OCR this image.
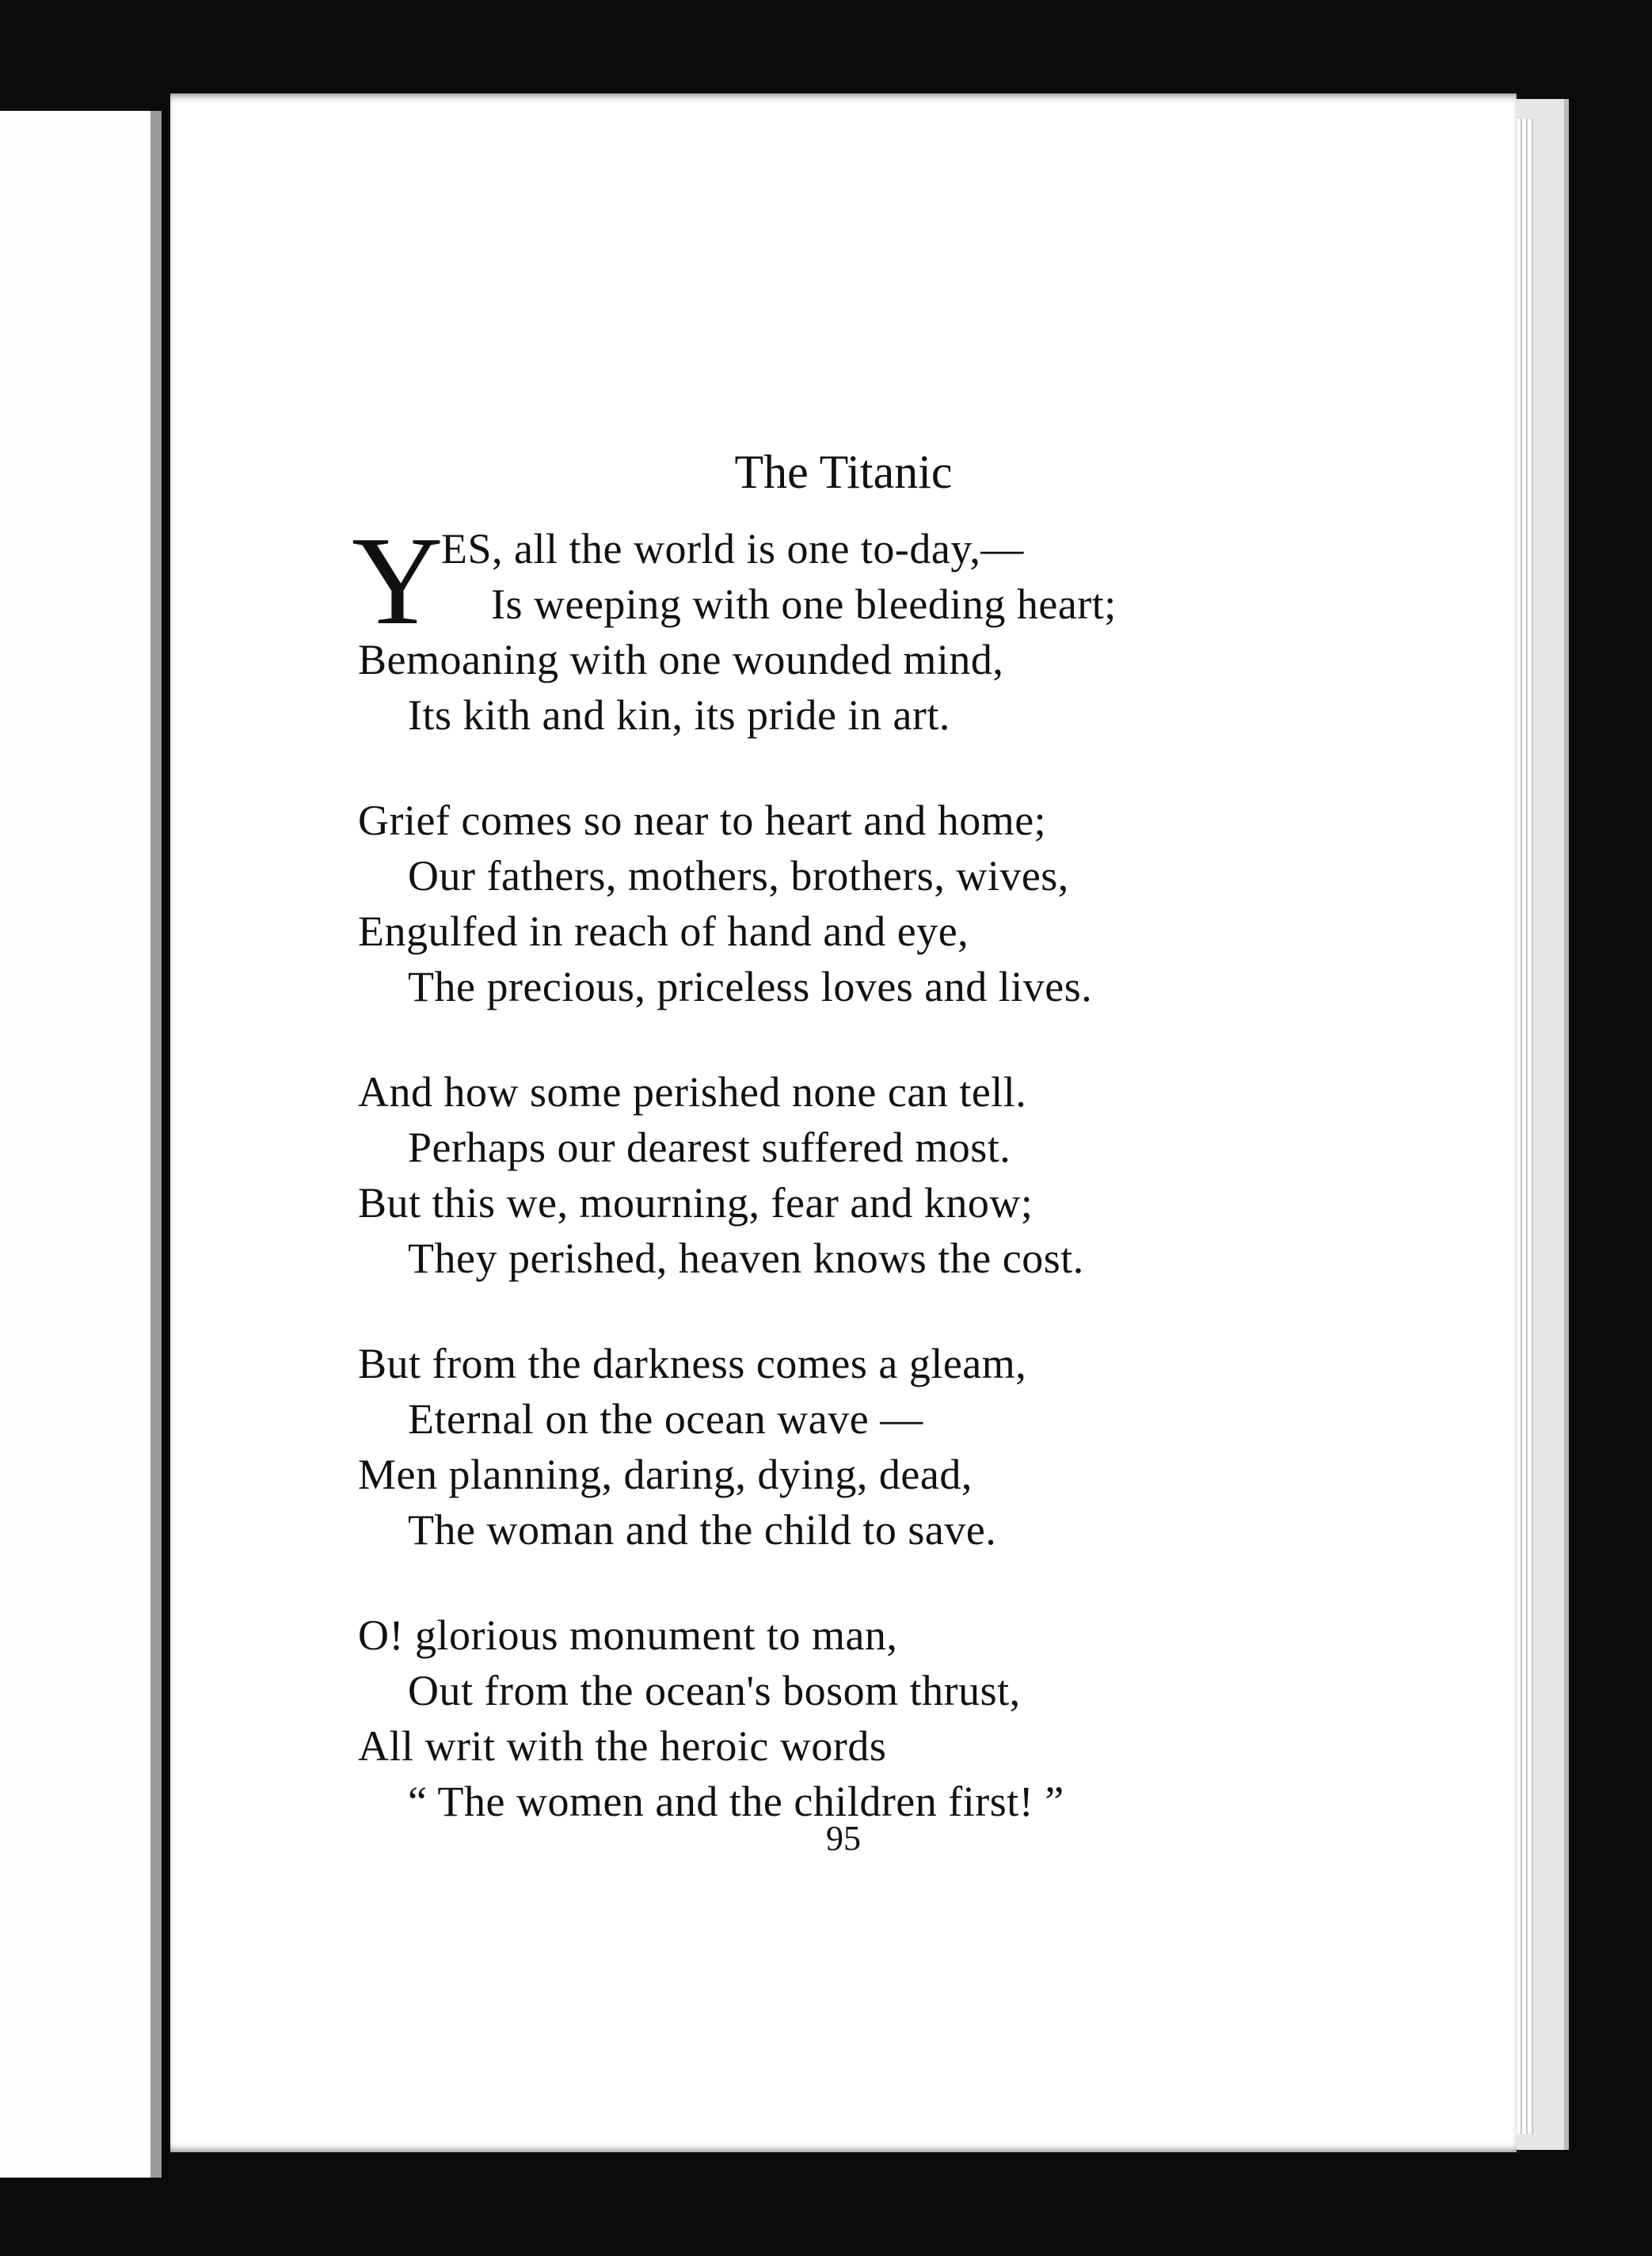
The Titanic
Y
ES, all the world is one to-day,—
Is weeping with one bleeding heart;
Bemoaning with one wounded mind,
Its kith and kin, its pride in art.
Grief comes so near to heart and home;
Our fathers, mothers, brothers, wives,
Engulfed in reach of hand and eye,
The precious, priceless loves and lives.
And how some perished none can tell.
Perhaps our dearest suffered most.
But this we, mourning, fear and know;
They perished, heaven knows the cost.
But from the darkness comes a gleam,
Eternal on the ocean wave —
Men planning, daring, dying, dead,
The woman and the child to save.
O! glorious monument to man,
Out from the ocean's bosom thrust,
All writ with the heroic words
“ The women and the children first! ”
95
